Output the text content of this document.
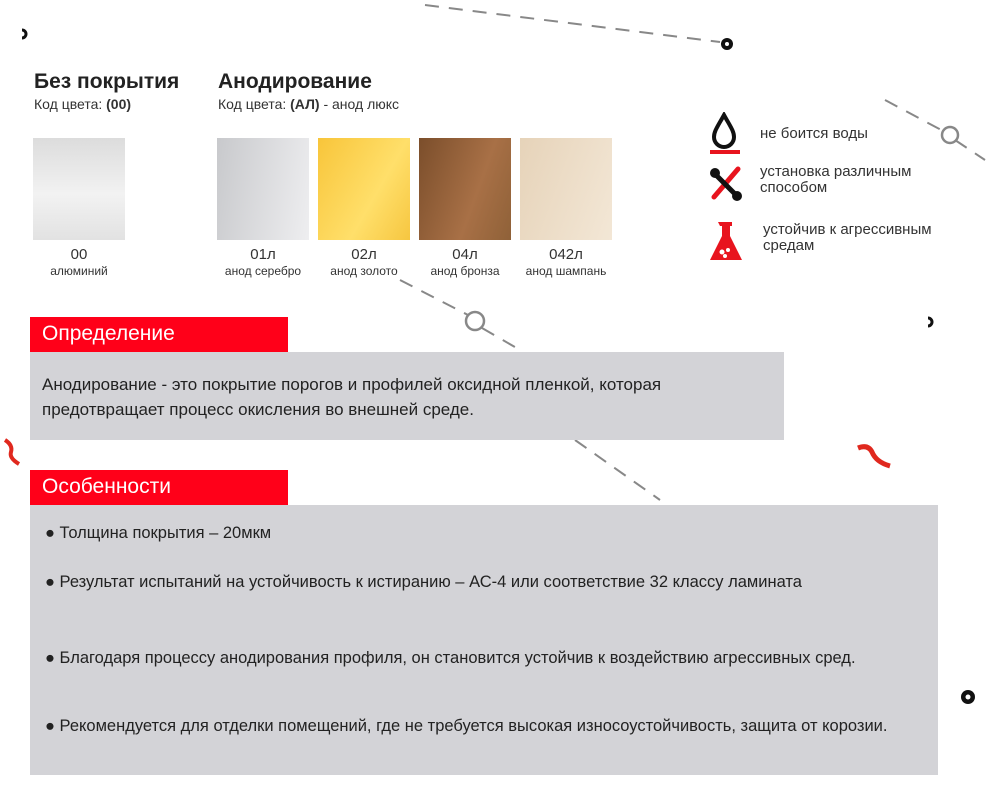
Без покрытия
Код цвета: (00)
00
алюминий
Анодирование
Код цвета: (АЛ) - анод люкс
01л
анод серебро
02л
анод золото
04л
анод бронза
042л
анод шампань
не боится воды
установка различным способом
устойчив к агрессивным средам
Определение
Анодирование - это покрытие порогов и профилей оксидной пленкой, которая предотвращает процесс окисления во внешней среде.
Особенности
● Толщина покрытия – 20мкм
● Результат испытаний на устойчивость к истиранию – АС-4 или соответствие 32 классу ламината
● Благодаря процессу анодирования профиля, он становится устойчив к воздействию агрессивных сред.
● Рекомендуется для отделки помещений, где не требуется высокая износоустойчивость, защита от корозии.
